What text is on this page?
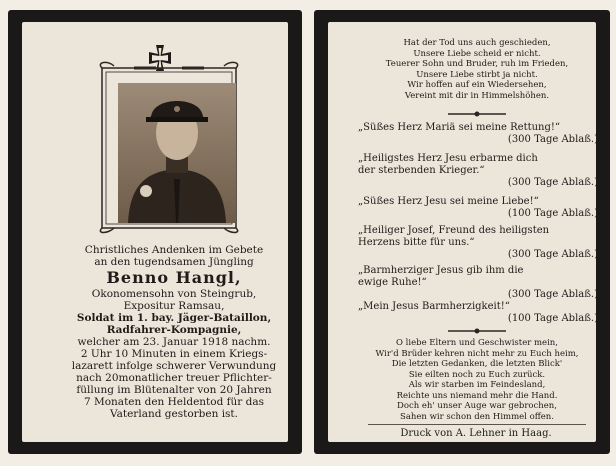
Christliches Andenken im Gebete
an den tugendsamen Jüngling
Benno Hangl,
Okonomensohn von Steingrub,
Expositur Ramsau,
Soldat im 1. bay. Jäger-Bataillon,
Radfahrer-Kompagnie,
welcher am 23. Januar 1918 nachm.
2 Uhr 10 Minuten in einem Kriegs-
lazarett infolge schwerer Verwundung
nach 20monatlicher treuer Pflichter-
füllung im Blütenalter von 20 Jahren
7 Monaten den Heldentod für das
Vaterland gestorben ist.
Hat der Tod uns auch geschieden,
Unsere Liebe scheid er nicht.
Teuerer Sohn und Bruder, ruh im Frieden,
Unsere Liebe stirbt ja nicht.
Wir hoffen auf ein Wiedersehen,
Vereint mit dir in Himmelshöhen.
„Süßes Herz Mariä sei meine Rettung!“
(300 Tage Ablaß.)
„Heiligstes Herz Jesu erbarme dich
der sterbenden Krieger.“
(300 Tage Ablaß.)
„Süßes Herz Jesu sei meine Liebe!“
(100 Tage Ablaß.)
„Heiliger Josef, Freund des heiligsten
Herzens bitte für uns.“
(300 Tage Ablaß.)
„Barmherziger Jesus gib ihm die
ewige Ruhe!“
(300 Tage Ablaß.)
„Mein Jesus Barmherzigkeit!“
(100 Tage Ablaß.)
O liebe Eltern und Geschwister mein,
Wir'd Brüder kehren nicht mehr zu Euch heim,
Die letzten Gedanken, die letzten Blick'
Sie eilten noch zu Euch zurück.
Als wir starben im Feindesland,
Reichte uns niemand mehr die Hand.
Doch eh' unser Auge war gebrochen,
Sahen wir schon den Himmel offen.
Druck von A. Lehner in Haag.
